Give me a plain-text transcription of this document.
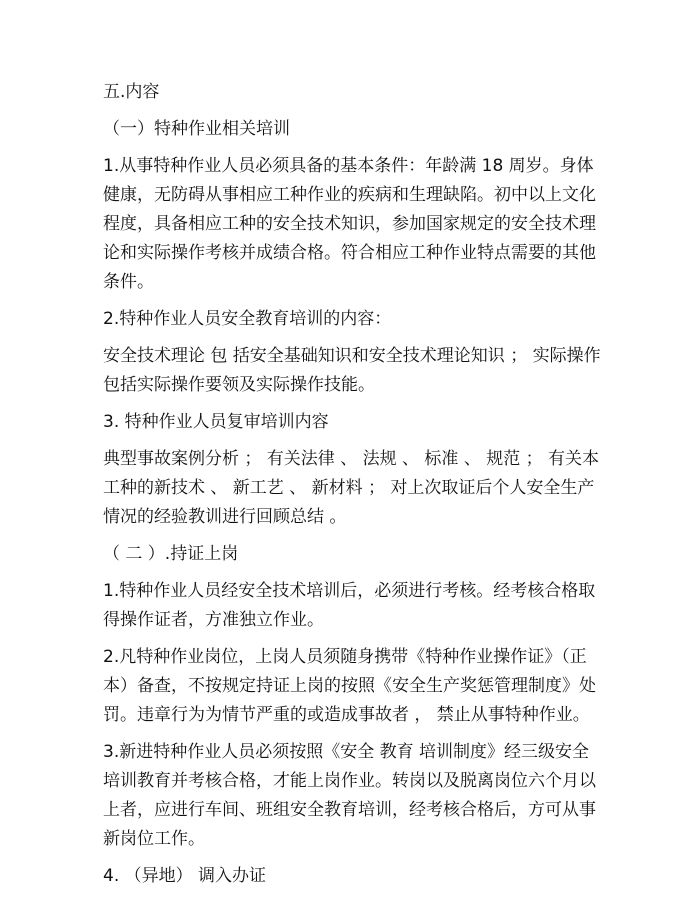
五.内容

（一）特种作业相关培训

1.从事特种作业人员必须具备的基本条件：年龄满 18 周岁。身体健康，无防碍从事相应工种作业的疾病和生理缺陷。初中以上文化程度，具备相应工种的安全技术知识，参加国家规定的安全技术理论和实际操作考核并成绩合格。符合相应工种作业特点需要的其他条件。

2.特种作业人员安全教育培训的内容：

安全技术理论 包 括安全基础知识和安全技术理论知识 ； 实际操作包括实际操作要领及实际操作技能。

3. 特种作业人员复审培训内容

典型事故案例分析 ； 有关法律 、 法规 、 标准 、 规范 ； 有关本工种的新技术 、 新工艺 、 新材料 ； 对上次取证后个人安全生产情况的经验教训进行回顾总结 。

（ 二 ）.持证上岗

1.特种作业人员经安全技术培训后，必须进行考核。经考核合格取得操作证者，方准独立作业。

2.凡特种作业岗位，上岗人员须随身携带《特种作业操作证》（正本）备查，不按规定持证上岗的按照《安全生产奖惩管理制度》处罚。违章行为为情节严重的或造成事故者 ， 禁止从事特种作业。

3.新进特种作业人员必须按照《安全 教育 培训制度》经三级安全培训教育并考核合格，才能上岗作业。转岗以及脱离岗位六个月以上者，应进行车间、班组安全教育培训，经考核合格后，方可从事新岗位工作。

4. （异地） 调入办证
